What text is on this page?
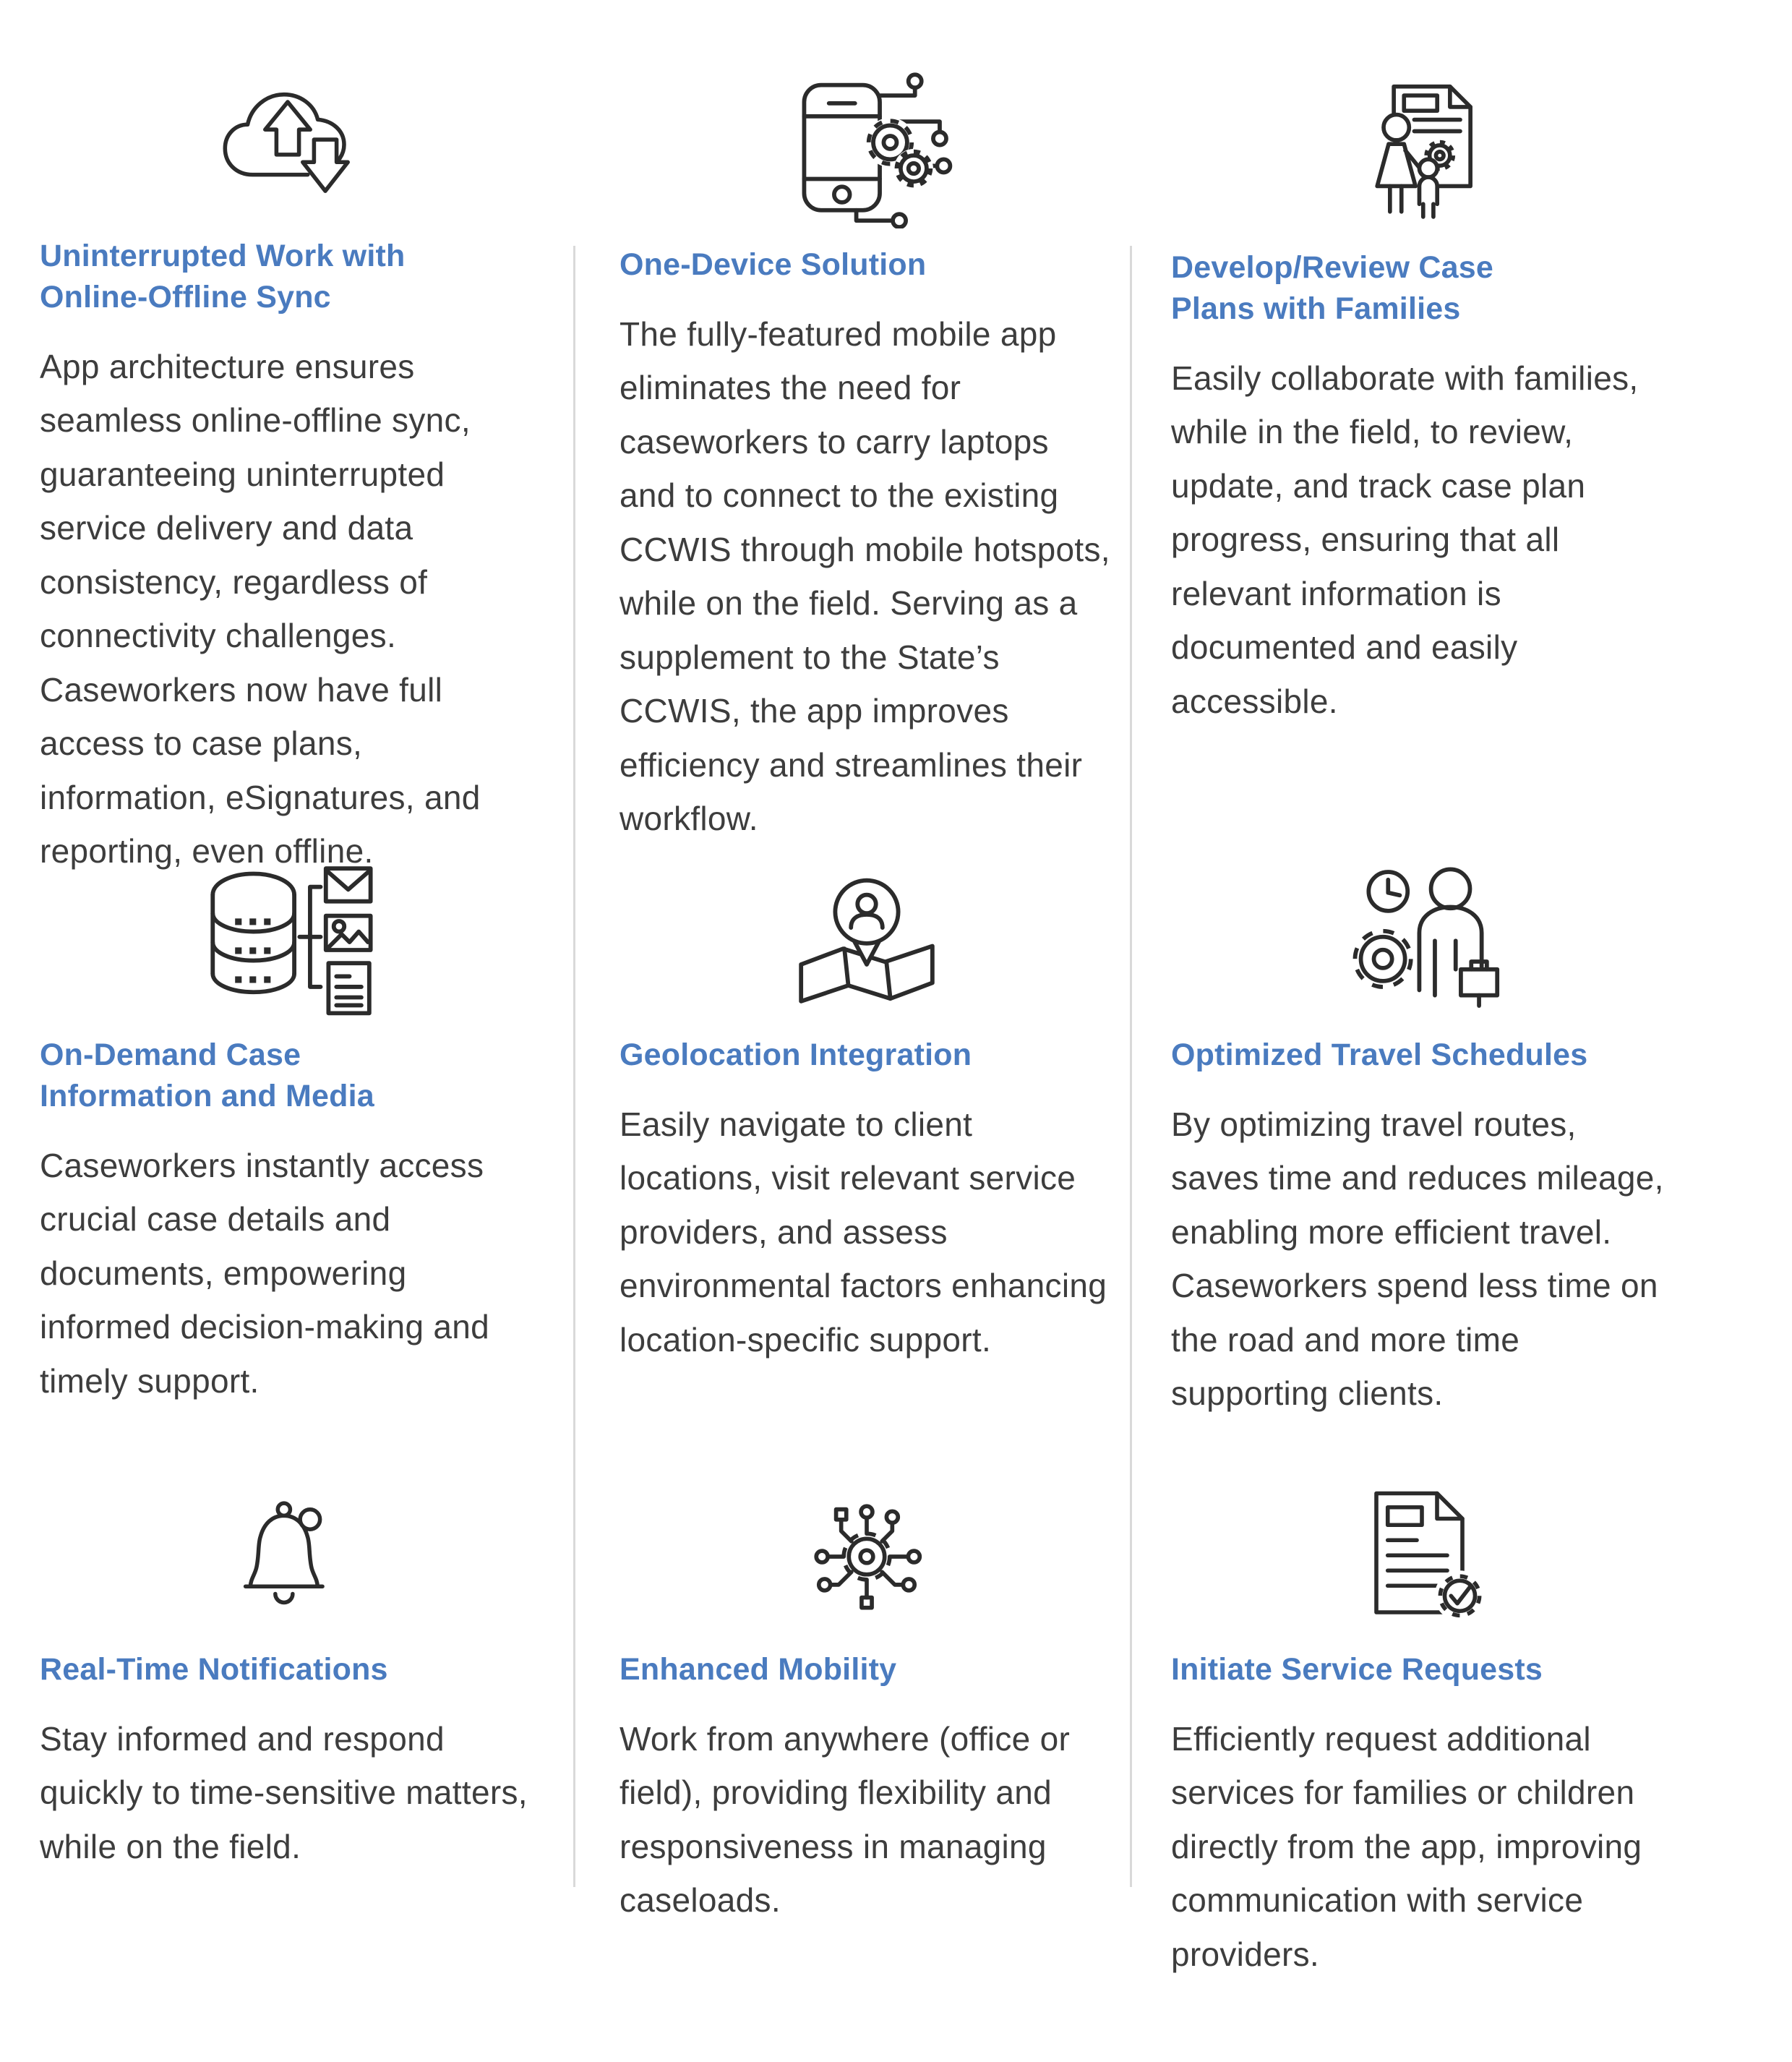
Uninterrupted Work with Online-Offline Sync

App architecture ensures seamless online-offline sync, guaranteeing uninterrupted service delivery and data consistency, regardless of connectivity challenges. Caseworkers now have full access to case plans, information, eSignatures, and reporting, even offline.

One-Device Solution

The fully-featured mobile app eliminates the need for caseworkers to carry laptops and to connect to the existing CCWIS through mobile hotspots, while on the field. Serving as a supplement to the State’s CCWIS, the app improves efficiency and streamlines their workflow.

Develop/Review Case Plans with Families

Easily collaborate with families, while in the field, to review, update, and track case plan progress, ensuring that all relevant information is documented and easily accessible.

On-Demand Case Information and Media

Caseworkers instantly access crucial case details and documents, empowering informed decision-making and timely support.

Geolocation Integration

Easily navigate to client locations, visit relevant service providers, and assess environmental factors enhancing location-specific support.

Optimized Travel Schedules

By optimizing travel routes, saves time and reduces mileage, enabling more efficient travel. Caseworkers spend less time on the road and more time supporting clients.

Real-Time Notifications

Stay informed and respond quickly to time-sensitive matters, while on the field.

Enhanced Mobility

Work from anywhere (office or field), providing flexibility and responsiveness in managing caseloads.

Initiate Service Requests

Efficiently request additional services for families or children directly from the app, improving communication with service providers.
